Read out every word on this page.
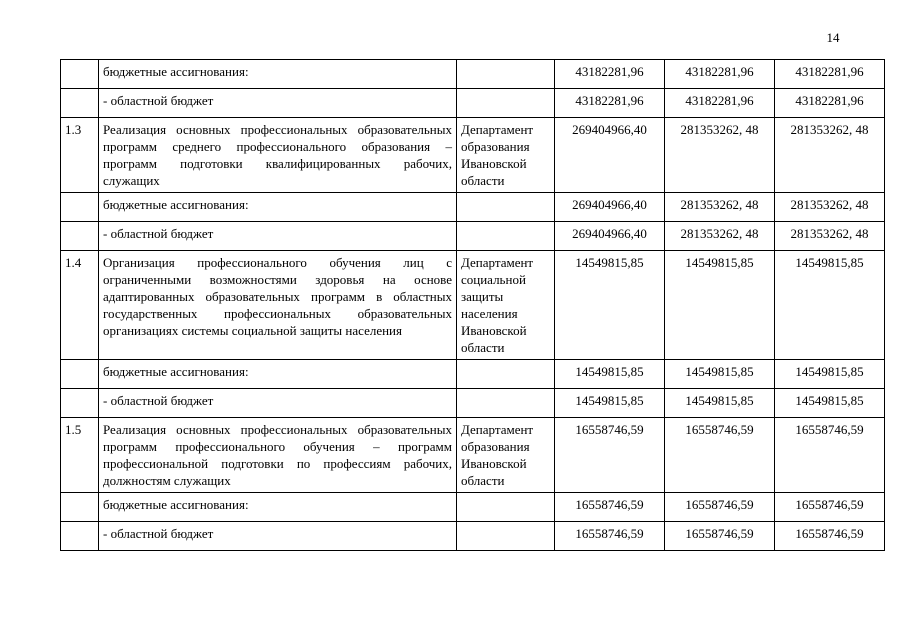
14
	бюджетные ассигнования:		43182281,96	43182281,96	43182281,96
	- областной бюджет		43182281,96	43182281,96	43182281,96
1.3	Реализация основных профессиональных образовательных программ среднего профессионального образования – программ подготовки квалифицированных рабочих, служащих	Департамент образования Ивановской области	269404966,40	281353262, 48	281353262, 48
	бюджетные ассигнования:		269404966,40	281353262, 48	281353262, 48
	- областной бюджет		269404966,40	281353262, 48	281353262, 48
1.4	Организация профессионального обучения лиц с ограниченными возможностями здоровья на основе адаптированных образовательных программ в областных государственных профессиональных образовательных организациях системы социальной защиты населения	Департамент социальной защиты населения Ивановской области	14549815,85	14549815,85	14549815,85
	бюджетные ассигнования:		14549815,85	14549815,85	14549815,85
	- областной бюджет		14549815,85	14549815,85	14549815,85
1.5	Реализация основных профессиональных образовательных программ профессионального обучения – программ профессиональной подготовки по профессиям рабочих, должностям служащих	Департамент образования Ивановской области	16558746,59	16558746,59	16558746,59
	бюджетные ассигнования:		16558746,59	16558746,59	16558746,59
	- областной бюджет		16558746,59	16558746,59	16558746,59
